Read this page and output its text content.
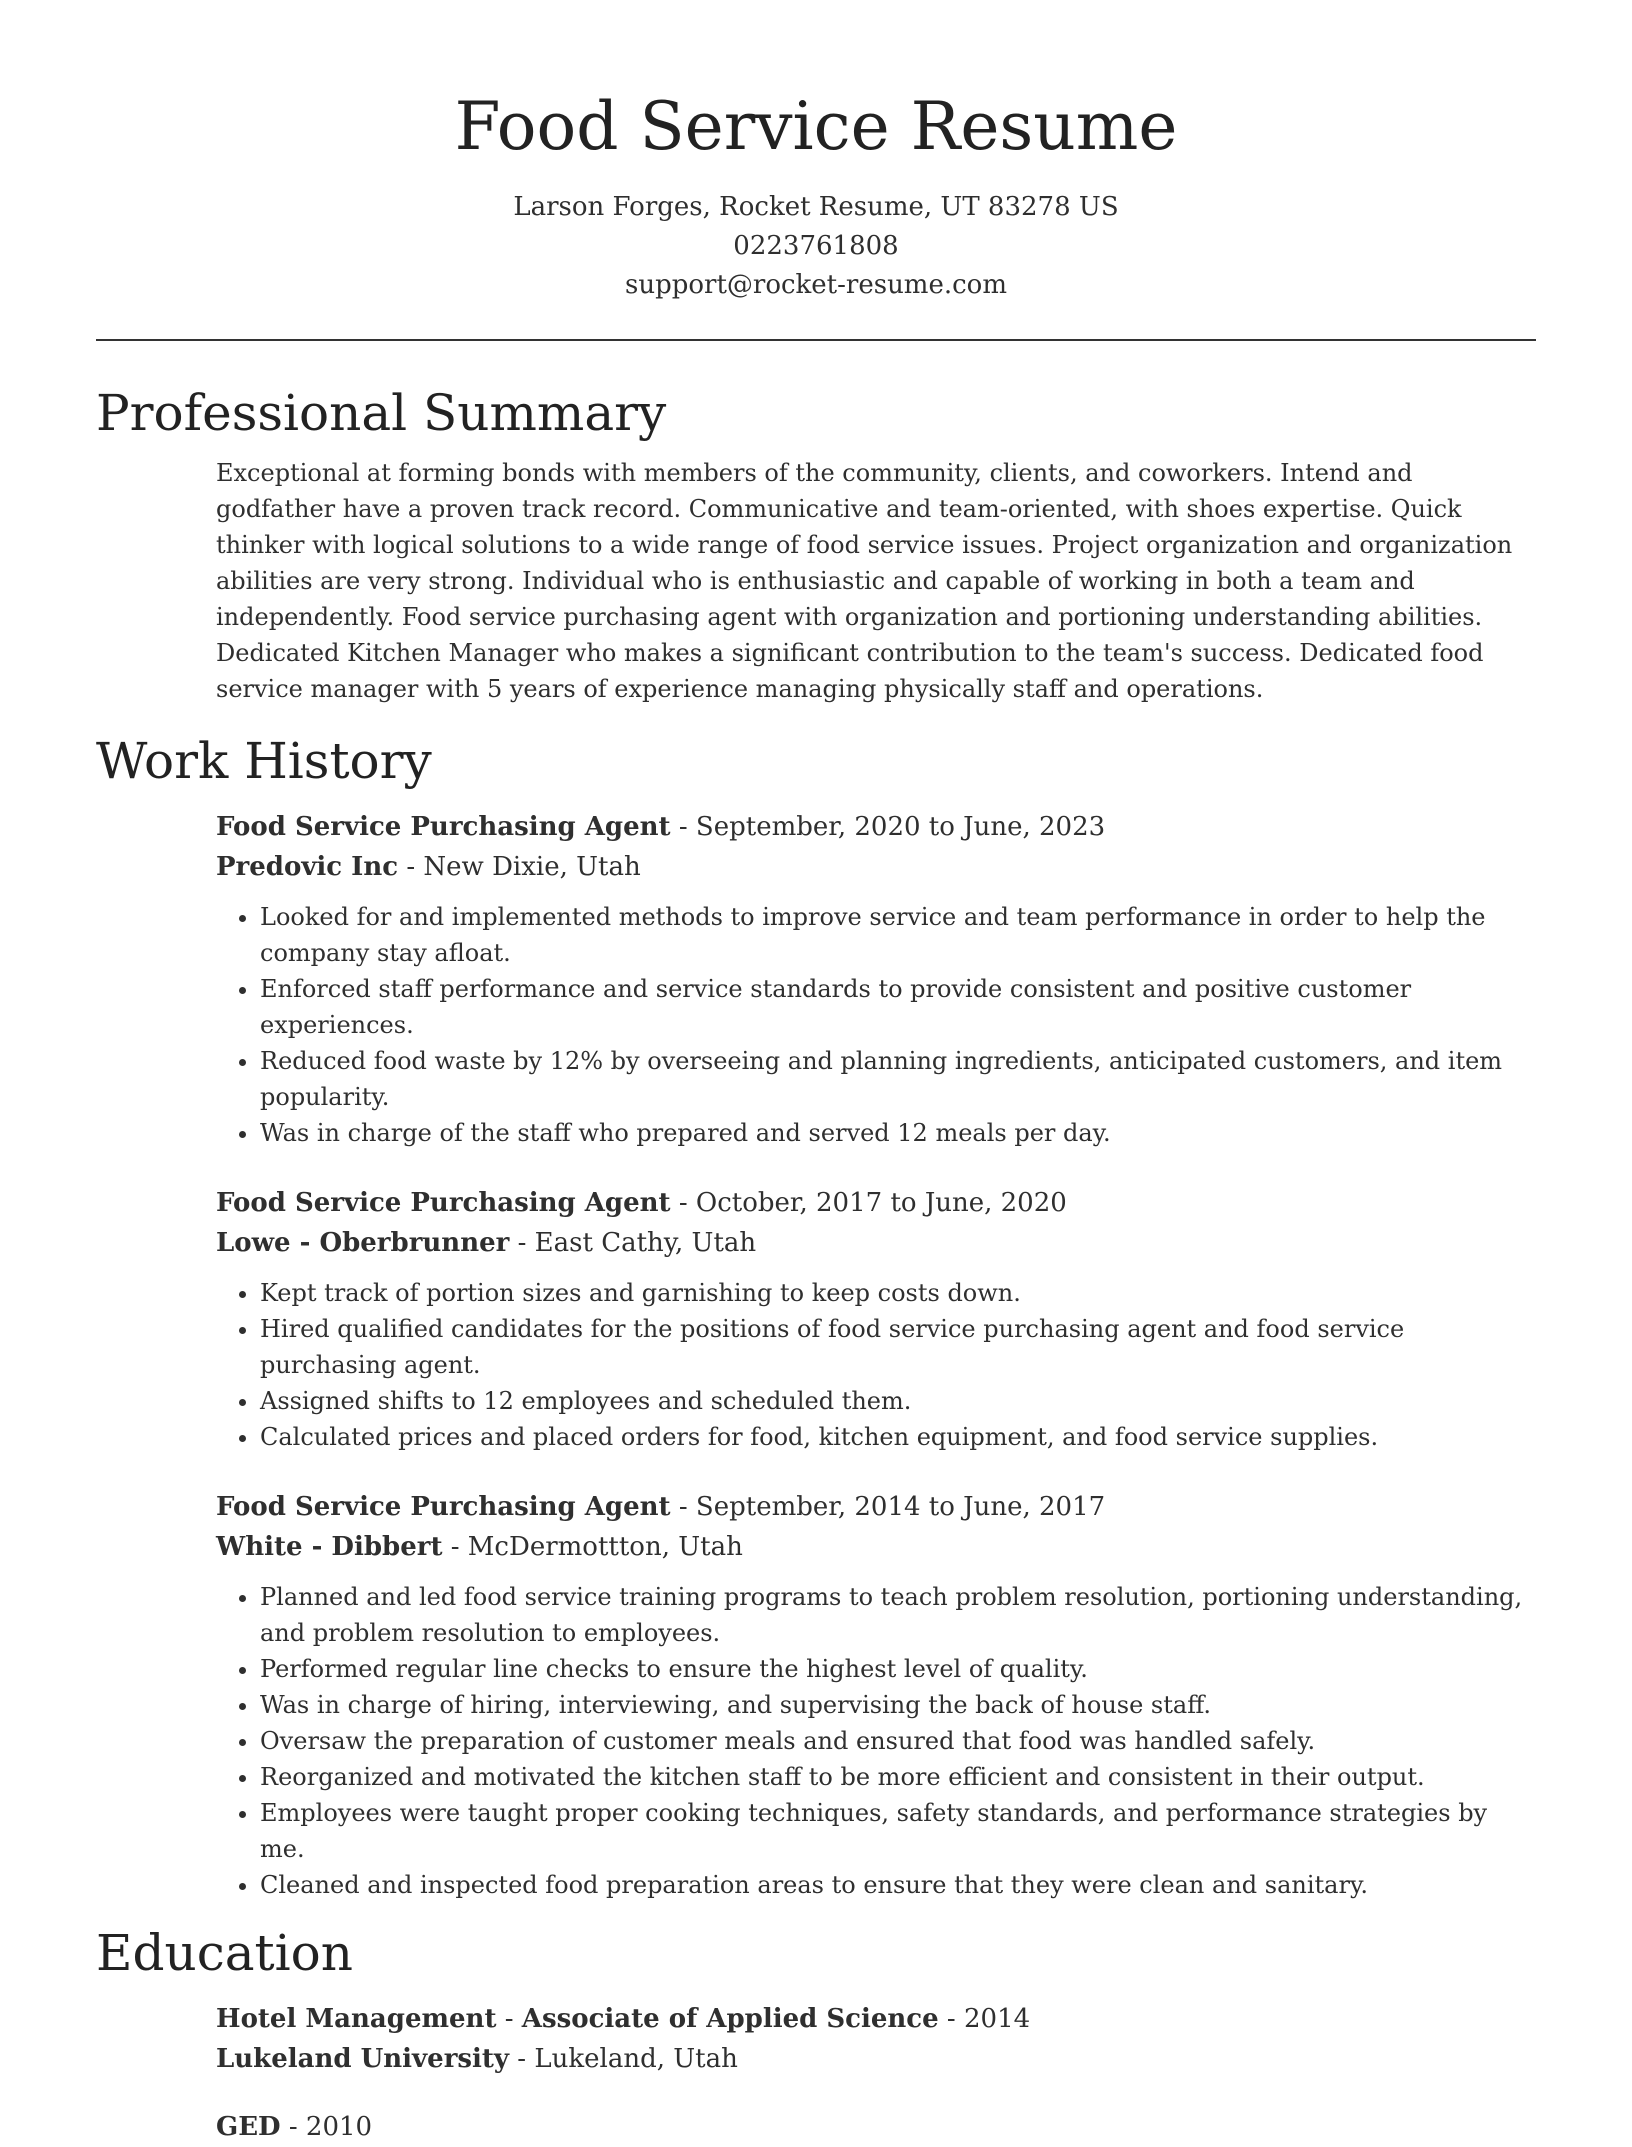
Food Service Resume
Larson Forges, Rocket Resume, UT 83278 US
0223761808
support@rocket-resume.com
Professional Summary

Exceptional at forming bonds with members of the community, clients, and coworkers. Intend and godfather have a proven track record. Communicative and team-oriented, with shoes expertise. Quick thinker with logical solutions to a wide range of food service issues. Project organization and organization abilities are very strong. Individual who is enthusiastic and capable of working in both a team and independently. Food service purchasing agent with organization and portioning understanding abilities. Dedicated Kitchen Manager who makes a significant contribution to the team's success. Dedicated food service manager with 5 years of experience managing physically staff and operations.

Work History
Food Service Purchasing Agent - September, 2020 to June, 2023
Predovic Inc - New Dixie, Utah
• Looked for and implemented methods to improve service and team performance in order to help the company stay afloat.
• Enforced staff performance and service standards to provide consistent and positive customer experiences.
• Reduced food waste by 12% by overseeing and planning ingredients, anticipated customers, and item popularity.
• Was in charge of the staff who prepared and served 12 meals per day.
Food Service Purchasing Agent - October, 2017 to June, 2020
Lowe - Oberbrunner - East Cathy, Utah
• Kept track of portion sizes and garnishing to keep costs down.
• Hired qualified candidates for the positions of food service purchasing agent and food service purchasing agent.
• Assigned shifts to 12 employees and scheduled them.
• Calculated prices and placed orders for food, kitchen equipment, and food service supplies.
Food Service Purchasing Agent - September, 2014 to June, 2017
White - Dibbert - McDermottton, Utah
• Planned and led food service training programs to teach problem resolution, portioning understanding, and problem resolution to employees.
• Performed regular line checks to ensure the highest level of quality.
• Was in charge of hiring, interviewing, and supervising the back of house staff.
• Oversaw the preparation of customer meals and ensured that food was handled safely.
• Reorganized and motivated the kitchen staff to be more efficient and consistent in their output.
• Employees were taught proper cooking techniques, safety standards, and performance strategies by me.
• Cleaned and inspected food preparation areas to ensure that they were clean and sanitary.
Education
Hotel Management - Associate of Applied Science - 2014
Lukeland University - Lukeland, Utah
GED - 2010
